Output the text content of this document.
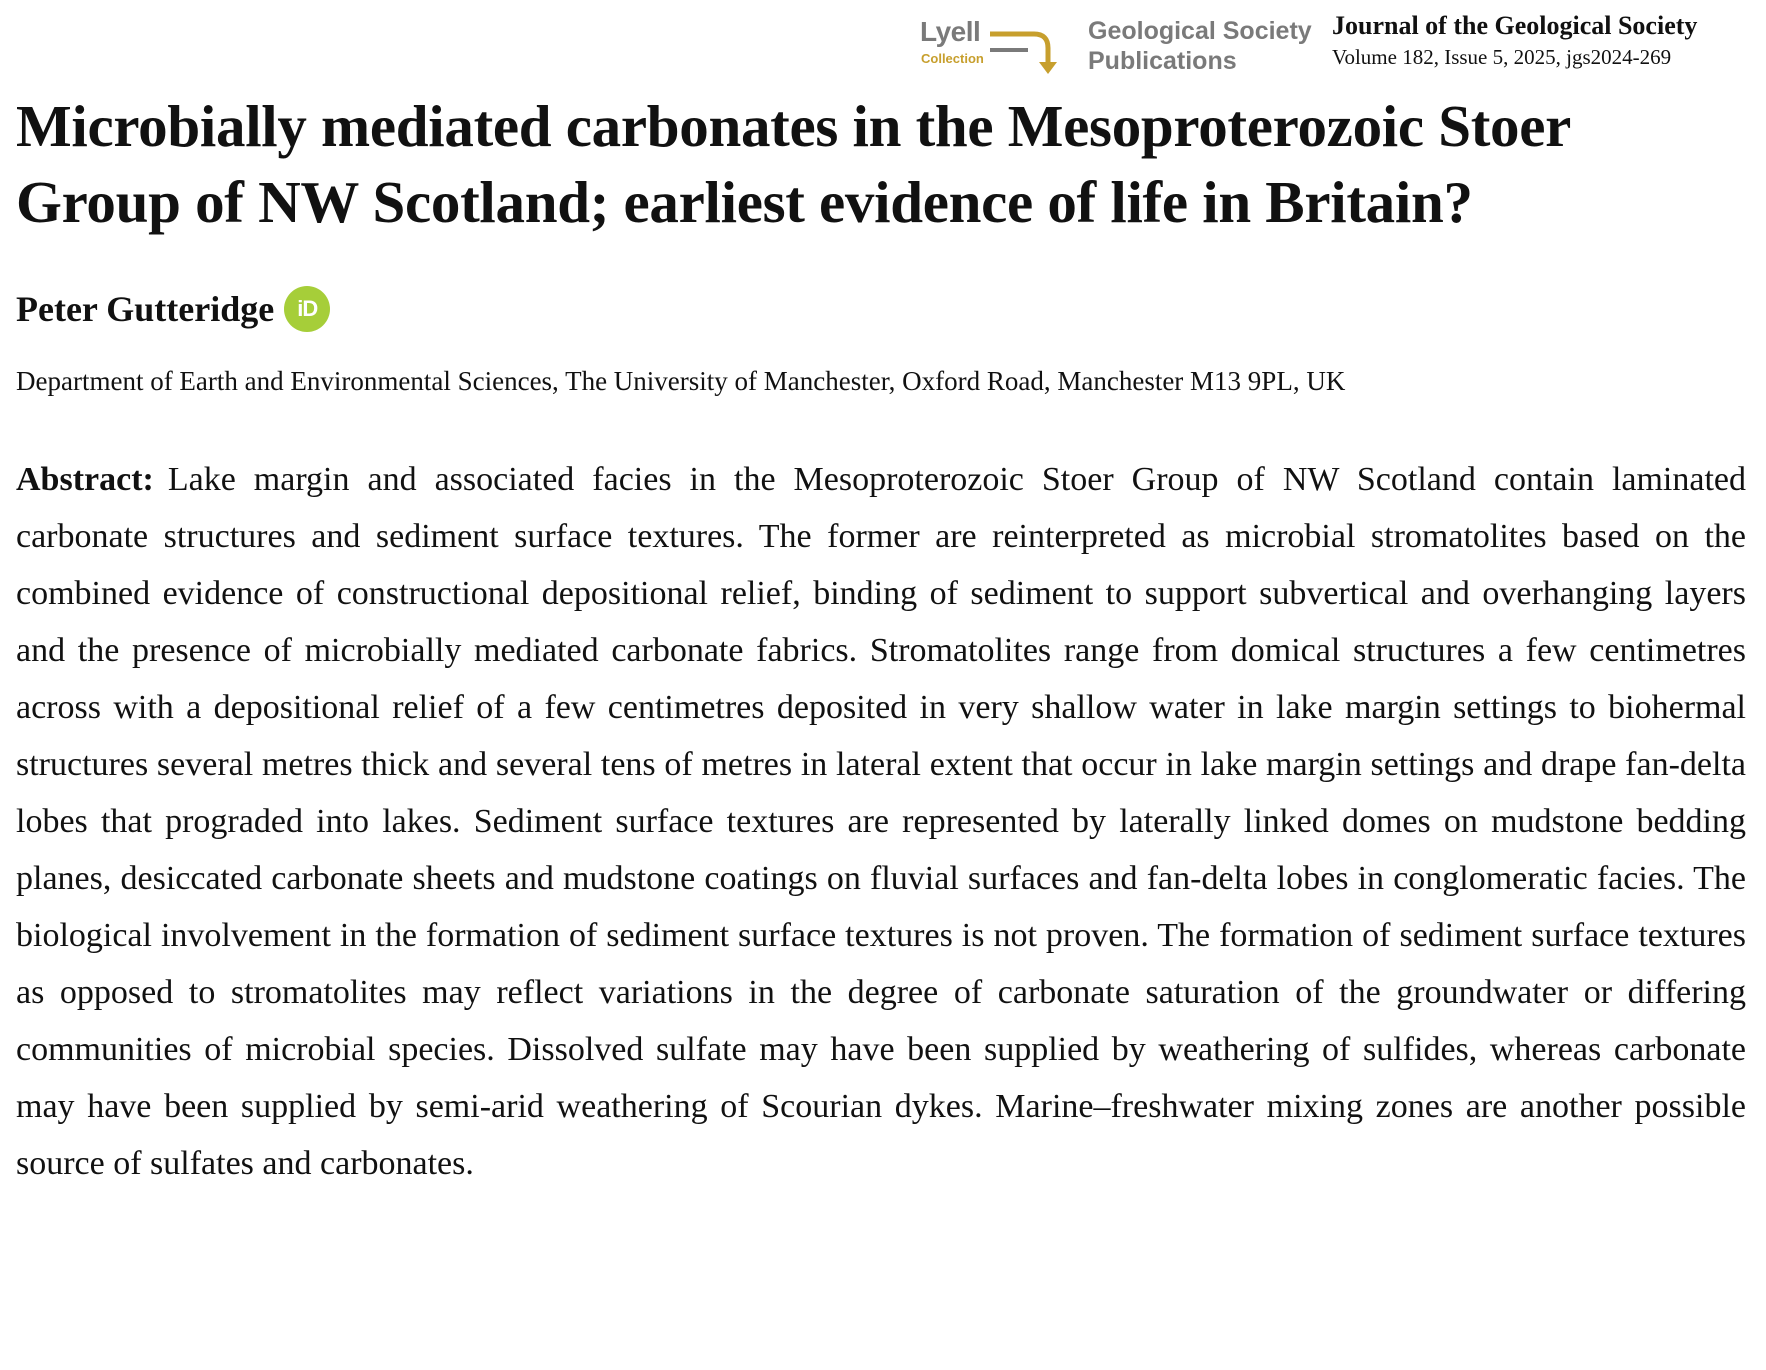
Lyell
Collection
Geological Society
Publications
Journal of the Geological Society
Volume 182, Issue 5, 2025, jgs2024-269
Microbially mediated carbonates in the Mesoproterozoic Stoer Group of NW Scotland; earliest evidence of life in Britain?
Peter Gutteridge	iD
Department of Earth and Environmental Sciences, The University of Manchester, Oxford Road, Manchester M13 9PL, UK

Abstract: Lake margin and associated facies in the Mesoproterozoic Stoer Group of NW Scotland contain laminated carbonate structures and sediment surface textures. The former are reinterpreted as microbial stromatolites based on the combined evidence of constructional depositional relief, binding of sediment to support subvertical and overhanging layers and the presence of microbially mediated carbonate fabrics. Stromatolites range from domical structures a few centimetres across with a depositional relief of a few centimetres deposited in very shallow water in lake margin settings to biohermal structures several metres thick and several tens of metres in lateral extent that occur in lake margin settings and drape fan-delta lobes that prograded into lakes. Sediment surface textures are represented by laterally linked domes on mudstone bedding planes, desiccated carbonate sheets and mudstone coatings on fluvial surfaces and fan-delta lobes in conglomeratic facies. The biological involvement in the formation of sediment surface textures is not proven. The formation of sediment surface textures as opposed to stromatolites may reflect variations in the degree of carbonate saturation of the groundwater or differing communities of microbial species. Dissolved sulfate may have been supplied by weathering of sulfides, whereas carbonate may have been supplied by semi-arid weathering of Scourian dykes. Marine–freshwater mixing zones are another possible source of sulfates and carbonates.
